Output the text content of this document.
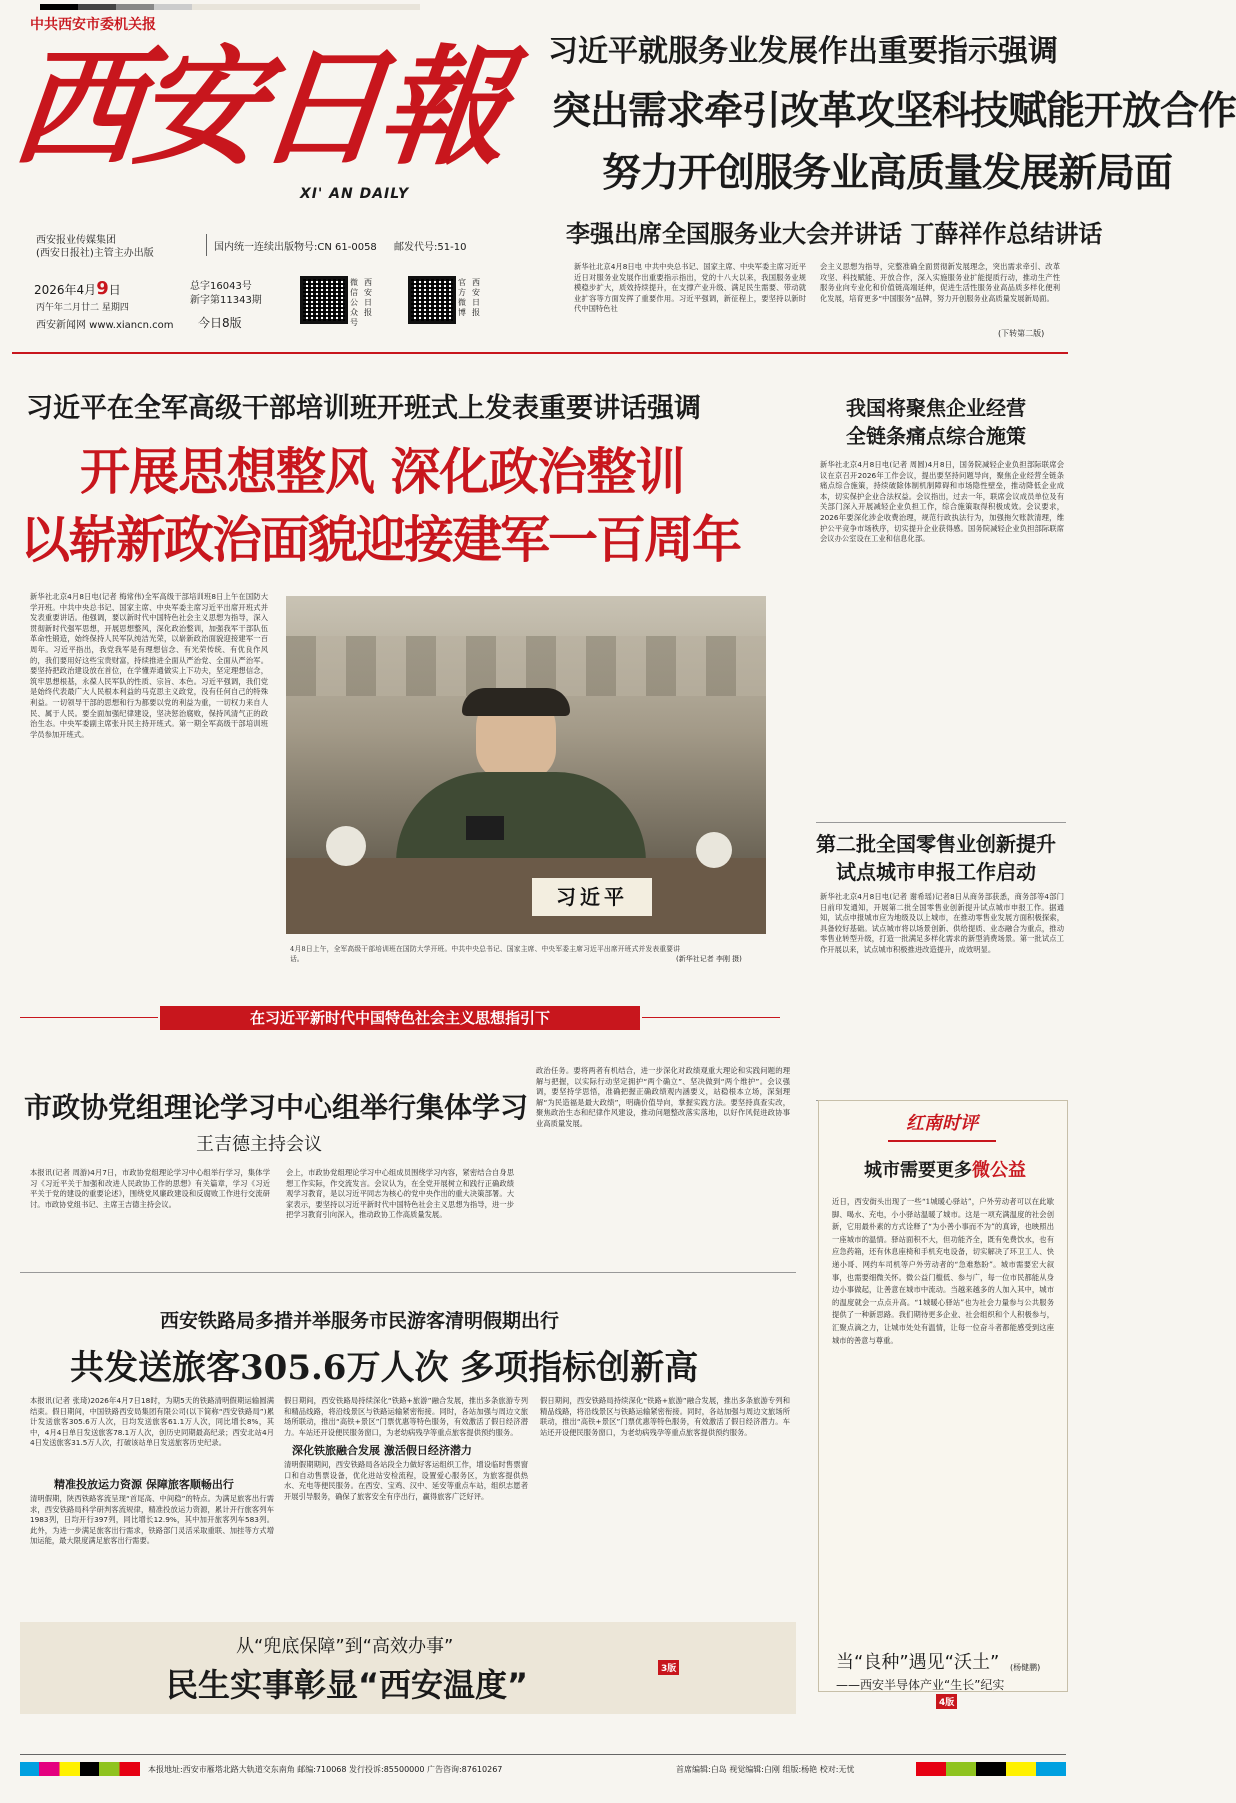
中共西安市委机关报
西安日報
XI' AN DAILY
西安报业传媒集团
(西安日报社)主管主办出版
国内统一连续出版物号:CN 61-0058 邮发代号:51-10
2026年4月9日
丙午年二月廿二 星期四
西安新闻网 www.xiancn.com
总字16043号
新字第11343期
今日8版
微信公众号
西安日报
官方微博
西安日报
习近平就服务业发展作出重要指示强调
突出需求牵引改革攻坚科技赋能开放合作
努力开创服务业高质量发展新局面
李强出席全国服务业大会并讲话 丁薛祥作总结讲话
新华社北京4月8日电 中共中央总书记、国家主席、中央军委主席习近平近日对服务业发展作出重要指示指出，党的十八大以来，我国服务业规模稳步扩大，质效持续提升，在支撑产业升级、满足民生需要、带动就业扩容等方面发挥了重要作用。习近平强调，新征程上，要坚持以新时代中国特色社
会主义思想为指导，完整准确全面贯彻新发展理念，突出需求牵引、改革攻坚、科技赋能、开放合作，深入实施服务业扩能提质行动，推动生产性服务业向专业化和价值链高端延伸，促进生活性服务业高品质多样化便利化发展，培育更多“中国服务”品牌，努力开创服务业高质量发展新局面。
(下转第二版)
习近平在全军高级干部培训班开班式上发表重要讲话强调
开展思想整风 深化政治整训
以崭新政治面貌迎接建军一百周年
新华社北京4月8日电(记者 梅常伟)全军高级干部培训班8日上午在国防大学开班。中共中央总书记、国家主席、中央军委主席习近平出席开班式并发表重要讲话。他强调，要以新时代中国特色社会主义思想为指导，深入贯彻新时代强军思想，开展思想整风，深化政治整训，加强我军干部队伍革命性锻造，始终保持人民军队纯洁光荣，以崭新政治面貌迎接建军一百周年。习近平指出，我党我军是有理想信念、有光荣传统、有优良作风的，我们要用好这些宝贵财富，持续推进全面从严治党、全面从严治军。要坚持把政治建设放在首位，在学懂弄通做实上下功夫，坚定理想信念，筑牢思想根基，永葆人民军队的性质、宗旨、本色。习近平强调，我们党是始终代表最广大人民根本利益的马克思主义政党，没有任何自己的特殊利益。一切领导干部的思想和行为都要以党的利益为重，一切权力来自人民、属于人民。要全面加强纪律建设，坚决惩治腐败，保持风清气正的政治生态。中央军委副主席张升民主持开班式。第一期全军高级干部培训班学员参加开班式。
习近平
4月8日上午，全军高级干部培训班在国防大学开班。中共中央总书记、国家主席、中央军委主席习近平出席开班式并发表重要讲话。	(新华社记者 李刚 摄)
在习近平新时代中国特色社会主义思想指引下
我国将聚焦企业经营
全链条痛点综合施策
新华社北京4月8日电(记者 周圆)4月8日，国务院减轻企业负担部际联席会议在京召开2026年工作会议，提出要坚持问题导向，聚焦企业经营全链条痛点综合施策，持续破除体制机制障碍和市场隐性壁垒，推动降低企业成本，切实保护企业合法权益。会议指出，过去一年，联席会议成员单位及有关部门深入开展减轻企业负担工作，综合施策取得积极成效。会议要求，2026年要深化涉企收费治理，规范行政执法行为，加强拖欠账款清理，维护公平竞争市场秩序，切实提升企业获得感。国务院减轻企业负担部际联席会议办公室设在工业和信息化部。
第二批全国零售业创新提升
试点城市申报工作启动
新华社北京4月8日电(记者 谢希瑶)记者8日从商务部获悉，商务部等4部门日前印发通知，开展第二批全国零售业创新提升试点城市申报工作。据通知，试点申报城市应为地级及以上城市，在推动零售业发展方面积极探索，具备较好基础。试点城市将以场景创新、供给提质、业态融合为重点，推动零售业转型升级，打造一批满足多样化需求的新型消费场景。第一批试点工作开展以来，试点城市积极推进改造提升，成效明显。
红南时评
城市需要更多微公益
近日，西安街头出现了一些“1城暖心驿站”，户外劳动者可以在此歇脚、喝水、充电，小小驿站温暖了城市。这是一项充满温度的社会创新，它用最朴素的方式诠释了“为小善小事而不为”的真谛，也映照出一座城市的温情。驿站面积不大，但功能齐全，既有免费饮水，也有应急药箱，还有休息座椅和手机充电设备，切实解决了环卫工人、快递小哥、网约车司机等户外劳动者的“急难愁盼”。城市需要宏大叙事，也需要细微关怀。微公益门槛低、参与广，每一位市民都能从身边小事做起，让善意在城市中流动。当越来越多的人加入其中，城市的温度就会一点点升高。“1城暖心驿站”也为社会力量参与公共服务提供了一种新思路。我们期待更多企业、社会组织和个人积极参与，汇聚点滴之力，让城市处处有温情，让每一位奋斗者都能感受到这座城市的善意与尊重。
(杨健鹏)
市政协党组理论学习中心组举行集体学习
王吉德主持会议
本报讯(记者 周游)4月7日，市政协党组理论学习中心组举行学习，集体学习《习近平关于加强和改进人民政协工作的思想》有关篇章，学习《习近平关于党的建设的重要论述》，围绕党风廉政建设和反腐败工作进行交流研讨。市政协党组书记、主席王吉德主持会议。
会上，市政协党组理论学习中心组成员围绕学习内容，紧密结合自身思想工作实际，作交流发言。会议认为，在全党开展树立和践行正确政绩观学习教育，是以习近平同志为核心的党中央作出的重大决策部署。大家表示，要坚持以习近平新时代中国特色社会主义思想为指导，进一步把学习教育引向深入，推动政协工作高质量发展。
政治任务。要将两者有机结合，进一步深化对政绩观重大理论和实践问题的理解与把握，以实际行动坚定拥护“两个确立”、坚决做到“两个维护”。会议强调，要坚持学思悟，准确把握正确政绩观内涵要义，站稳根本立场，深刻理解“为民造福是最大政绩”，明确价值导向，掌握实践方法。要坚持真查实改，聚焦政治生态和纪律作风建设，推动问题整改落实落地，以好作风促进政协事业高质量发展。
西安铁路局多措并举服务市民游客清明假期出行
共发送旅客305.6万人次 多项指标创新高
本报讯(记者 张琦)2026年4月7日18时，为期5天的铁路清明假期运输圆满结束。假日期间，中国铁路西安局集团有限公司(以下简称“西安铁路局”)累计发送旅客305.6万人次，日均发送旅客61.1万人次，同比增长8%，其中，4月4日单日发送旅客78.1万人次，创历史同期最高纪录；西安北站4月4日发送旅客31.5万人次，打破该站单日发送旅客历史纪录。
精准投放运力资源 保障旅客顺畅出行
清明假期，陕西铁路客流呈现“首尾高、中间稳”的特点。为满足旅客出行需求，西安铁路局科学研判客流规律，精准投放运力资源，累计开行旅客列车1983列，日均开行397列，同比增长12.9%，其中加开旅客列车583列。此外，为进一步满足旅客出行需求，铁路部门灵活采取重联、加挂等方式增加运能，最大限度满足旅客出行需要。
深化铁旅融合发展 激活假日经济潜力
假日期间，西安铁路局持续深化“铁路+旅游”融合发展，推出多条旅游专列和精品线路，将沿线景区与铁路运输紧密衔接。同时，各站加强与周边文旅场所联动，推出“高铁+景区”门票优惠等特色服务，有效激活了假日经济潜力。车站还开设便民服务窗口，为老幼病残孕等重点旅客提供预约服务。
清明假期期间，西安铁路局各站段全力做好客运组织工作，增设临时售票窗口和自动售票设备，优化进站安检流程，设置爱心服务区，为旅客提供热水、充电等便民服务。在西安、宝鸡、汉中、延安等重点车站，组织志愿者开展引导服务，确保了旅客安全有序出行，赢得旅客广泛好评。
假日期间，西安铁路局持续深化“铁路+旅游”融合发展，推出多条旅游专列和精品线路，将沿线景区与铁路运输紧密衔接。同时，各站加强与周边文旅场所联动，推出“高铁+景区”门票优惠等特色服务，有效激活了假日经济潜力。车站还开设便民服务窗口，为老幼病残孕等重点旅客提供预约服务。
从“兜底保障”到“高效办事”
民生实事彰显“西安温度”	3版	当“良种”遇见“沃土”
——西安半导体产业“生长”纪实
4版
本报地址:西安市雁塔北路大轨道交东南角 邮编:710068 发行投诉:85500000 广告咨询:87610267	首席编辑:白岛 视觉编辑:白刚 组版:杨艳 校对:无忧
